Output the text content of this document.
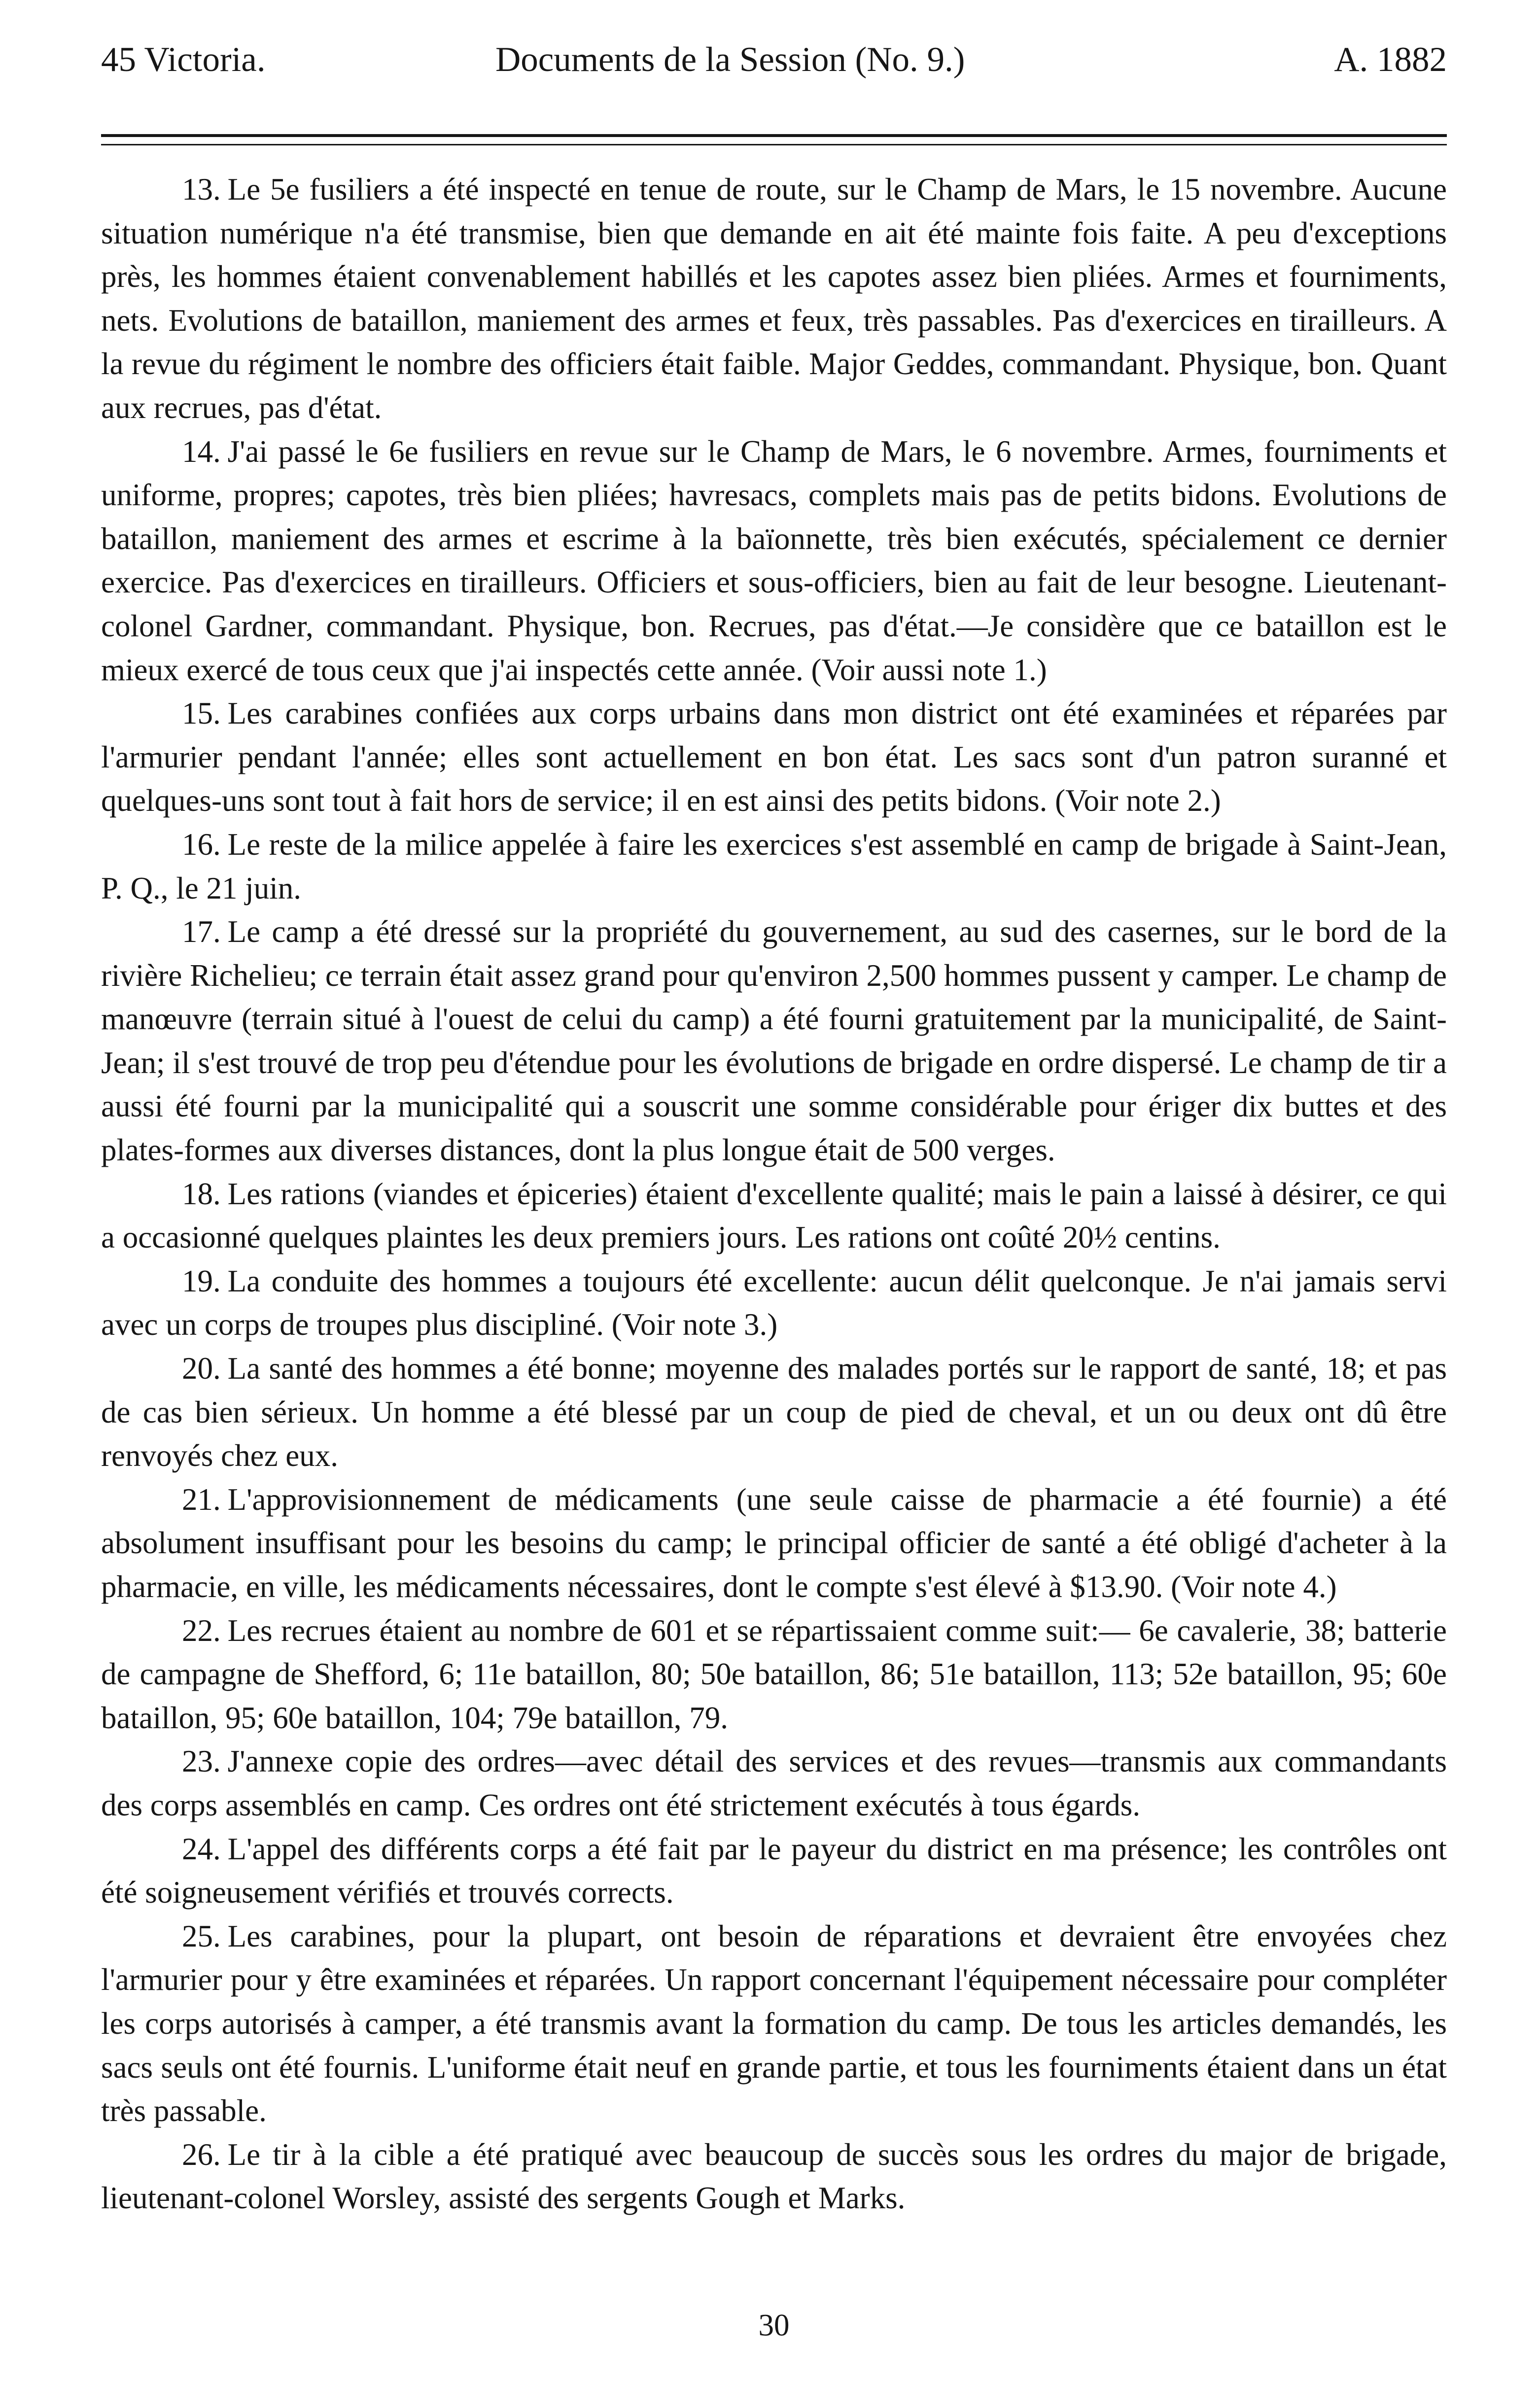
45 Victoria.	Documents de la Session (No. 9.)	A. 1882

13. Le 5e fusiliers a été inspecté en tenue de route, sur le Champ de Mars, le 15 novembre. Aucune situation numérique n'a été transmise, bien que demande en ait été mainte fois faite. A peu d'exceptions près, les hommes étaient convenablement habillés et les capotes assez bien pliées. Armes et fourniments, nets. Evolutions de bataillon, maniement des armes et feux, très passables. Pas d'exercices en tirailleurs. A la revue du régiment le nombre des officiers était faible. Major Geddes, commandant. Physique, bon. Quant aux recrues, pas d'état.

14. J'ai passé le 6e fusiliers en revue sur le Champ de Mars, le 6 novembre. Armes, fourniments et uniforme, propres; capotes, très bien pliées; havresacs, complets mais pas de petits bidons. Evolutions de bataillon, maniement des armes et escrime à la baïonnette, très bien exécutés, spécialement ce dernier exercice. Pas d'exercices en tirailleurs. Officiers et sous-officiers, bien au fait de leur besogne. Lieutenant-colonel Gardner, commandant. Physique, bon. Recrues, pas d'état.—Je considère que ce bataillon est le mieux exercé de tous ceux que j'ai inspectés cette année. (Voir aussi note 1.)

15. Les carabines confiées aux corps urbains dans mon district ont été examinées et réparées par l'armurier pendant l'année; elles sont actuellement en bon état. Les sacs sont d'un patron suranné et quelques-uns sont tout à fait hors de service; il en est ainsi des petits bidons. (Voir note 2.)

16. Le reste de la milice appelée à faire les exercices s'est assemblé en camp de brigade à Saint-Jean, P. Q., le 21 juin.

17. Le camp a été dressé sur la propriété du gouvernement, au sud des casernes, sur le bord de la rivière Richelieu; ce terrain était assez grand pour qu'environ 2,500 hommes pussent y camper. Le champ de manœuvre (terrain situé à l'ouest de celui du camp) a été fourni gratuitement par la municipalité, de Saint-Jean; il s'est trouvé de trop peu d'étendue pour les évolutions de brigade en ordre dispersé. Le champ de tir a aussi été fourni par la municipalité qui a souscrit une somme considérable pour ériger dix buttes et des plates-formes aux diverses distances, dont la plus longue était de 500 verges.

18. Les rations (viandes et épiceries) étaient d'excellente qualité; mais le pain a laissé à désirer, ce qui a occasionné quelques plaintes les deux premiers jours. Les rations ont coûté 20½ centins.

19. La conduite des hommes a toujours été excellente: aucun délit quelconque. Je n'ai jamais servi avec un corps de troupes plus discipliné. (Voir note 3.)

20. La santé des hommes a été bonne; moyenne des malades portés sur le rapport de santé, 18; et pas de cas bien sérieux. Un homme a été blessé par un coup de pied de cheval, et un ou deux ont dû être renvoyés chez eux.

21. L'approvisionnement de médicaments (une seule caisse de pharmacie a été fournie) a été absolument insuffisant pour les besoins du camp; le principal officier de santé a été obligé d'acheter à la pharmacie, en ville, les médicaments nécessaires, dont le compte s'est élevé à $13.90. (Voir note 4.)

22. Les recrues étaient au nombre de 601 et se répartissaient comme suit:— 6e cavalerie, 38; batterie de campagne de Shefford, 6; 11e bataillon, 80; 50e bataillon, 86; 51e bataillon, 113; 52e bataillon, 95; 60e bataillon, 95; 60e bataillon, 104; 79e bataillon, 79.

23. J'annexe copie des ordres—avec détail des services et des revues—transmis aux commandants des corps assemblés en camp. Ces ordres ont été strictement exécutés à tous égards.

24. L'appel des différents corps a été fait par le payeur du district en ma présence; les contrôles ont été soigneusement vérifiés et trouvés corrects.

25. Les carabines, pour la plupart, ont besoin de réparations et devraient être envoyées chez l'armurier pour y être examinées et réparées. Un rapport concernant l'équipement nécessaire pour compléter les corps autorisés à camper, a été transmis avant la formation du camp. De tous les articles demandés, les sacs seuls ont été fournis. L'uniforme était neuf en grande partie, et tous les fourniments étaient dans un état très passable.

26. Le tir à la cible a été pratiqué avec beaucoup de succès sous les ordres du major de brigade, lieutenant-colonel Worsley, assisté des sergents Gough et Marks.

30
